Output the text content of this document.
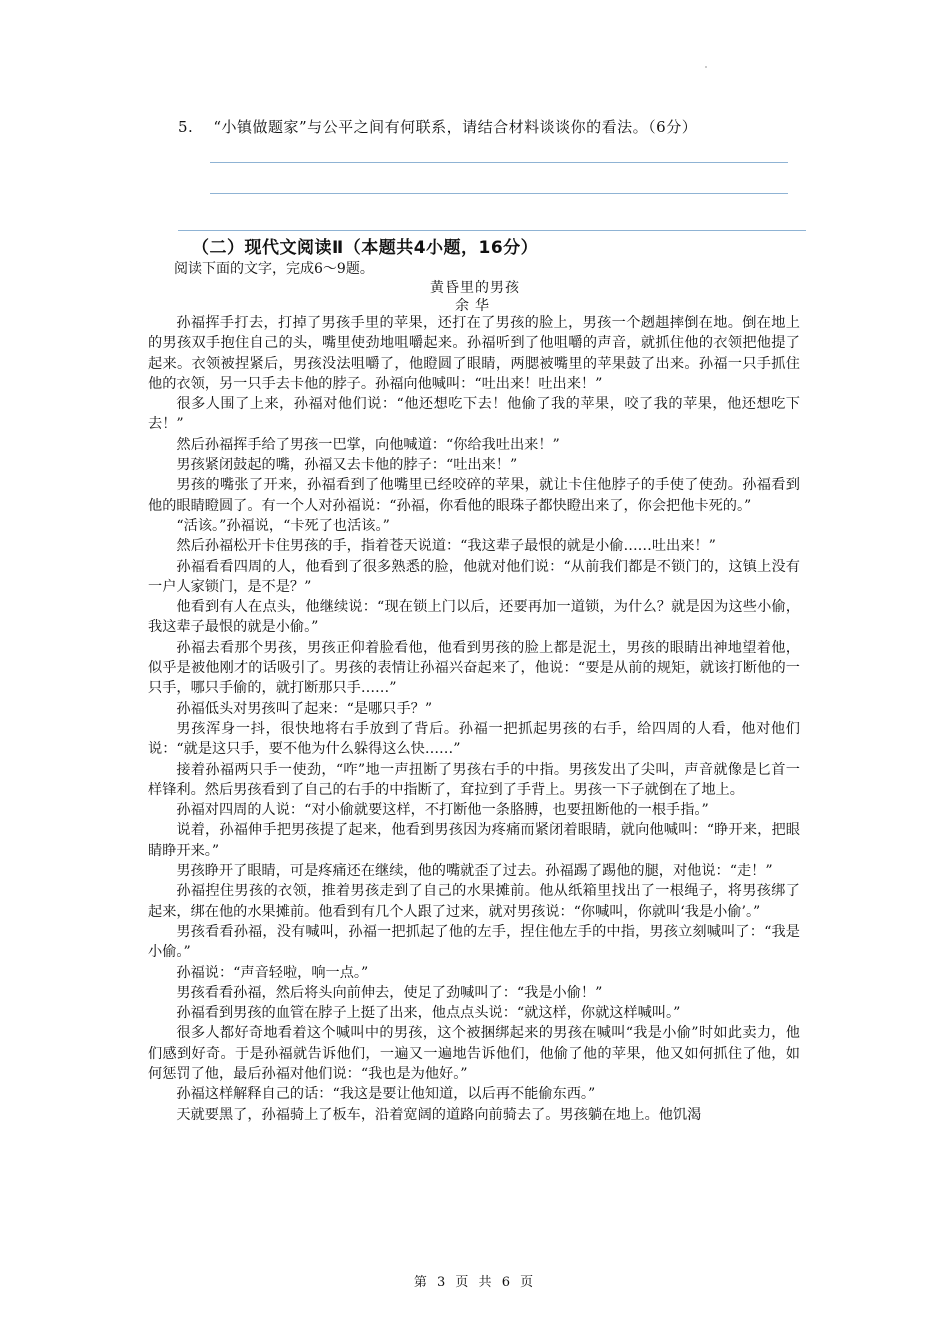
5. “小镇做题家”与公平之间有何联系，请结合材料谈谈你的看法。（6分）
（二）现代文阅读Ⅱ（本题共4小题，16分）
阅读下面的文字，完成6～9题。
黄昏里的男孩
余华

孙福挥手打去，打掉了男孩手里的苹果，还打在了男孩的脸上，男孩一个趔趄摔倒在地。倒在地上的男孩双手抱住自己的头，嘴里使劲地咀嚼起来。孙福听到了他咀嚼的声音，就抓住他的衣领把他提了起来。衣领被捏紧后，男孩没法咀嚼了，他瞪圆了眼睛，两腮被嘴里的苹果鼓了出来。孙福一只手抓住他的衣领，另一只手去卡他的脖子。孙福向他喊叫：“吐出来！吐出来！”

很多人围了上来，孙福对他们说：“他还想吃下去！他偷了我的苹果，咬了我的苹果，他还想吃下去！”

然后孙福挥手给了男孩一巴掌，向他喊道：“你给我吐出来！”

男孩紧闭鼓起的嘴，孙福又去卡他的脖子：“吐出来！”

男孩的嘴张了开来，孙福看到了他嘴里已经咬碎的苹果，就让卡住他脖子的手使了使劲。孙福看到他的眼睛瞪圆了。有一个人对孙福说：“孙福，你看他的眼珠子都快瞪出来了，你会把他卡死的。”

“活该。”孙福说，“卡死了也活该。”

然后孙福松开卡住男孩的手，指着苍天说道：“我这辈子最恨的就是小偷……吐出来！”

孙福看看四周的人，他看到了很多熟悉的脸，他就对他们说：“从前我们都是不锁门的，这镇上没有一户人家锁门，是不是？”

他看到有人在点头，他继续说：“现在锁上门以后，还要再加一道锁，为什么？就是因为这些小偷，我这辈子最恨的就是小偷。”

孙福去看那个男孩，男孩正仰着脸看他，他看到男孩的脸上都是泥土，男孩的眼睛出神地望着他，似乎是被他刚才的话吸引了。男孩的表情让孙福兴奋起来了，他说：“要是从前的规矩，就该打断他的一只手，哪只手偷的，就打断那只手……”

孙福低头对男孩叫了起来：“是哪只手？”

男孩浑身一抖，很快地将右手放到了背后。孙福一把抓起男孩的右手，给四周的人看，他对他们说：“就是这只手，要不他为什么躲得这么快……”

接着孙福两只手一使劲，“咋”地一声扭断了男孩右手的中指。男孩发出了尖叫，声音就像是匕首一样锋利。然后男孩看到了自己的右手的中指断了，耷拉到了手背上。男孩一下子就倒在了地上。

孙福对四周的人说：“对小偷就要这样，不打断他一条胳膊，也要扭断他的一根手指。”

说着，孙福伸手把男孩提了起来，他看到男孩因为疼痛而紧闭着眼睛，就向他喊叫：“睁开来，把眼睛睁开来。”

男孩睁开了眼睛，可是疼痛还在继续，他的嘴就歪了过去。孙福踢了踢他的腿，对他说：“走！”

孙福揑住男孩的衣领，推着男孩走到了自己的水果摊前。他从纸箱里找出了一根绳子，将男孩绑了起来，绑在他的水果摊前。他看到有几个人跟了过来，就对男孩说：“你喊叫，你就叫‘我是小偷’。”

男孩看看孙福，没有喊叫，孙福一把抓起了他的左手，捏住他左手的中指，男孩立刻喊叫了：“我是小偷。”

孙福说：“声音轻啦，响一点。”

男孩看看孙福，然后将头向前伸去，使足了劲喊叫了：“我是小偷！”

孙福看到男孩的血管在脖子上挺了出来，他点点头说：“就这样，你就这样喊叫。”

很多人都好奇地看着这个喊叫中的男孩，这个被捆绑起来的男孩在喊叫“我是小偷”时如此卖力，他们感到好奇。于是孙福就告诉他们，一遍又一遍地告诉他们，他偷了他的苹果，他又如何抓住了他，如何惩罚了他，最后孙福对他们说：“我也是为他好。”

孙福这样解释自己的话：“我这是要让他知道，以后再不能偷东西。”

天就要黑了，孙福骑上了板车，沿着宽阔的道路向前骑去了。男孩躺在地上。他饥渴

第 3 页 共 6 页
